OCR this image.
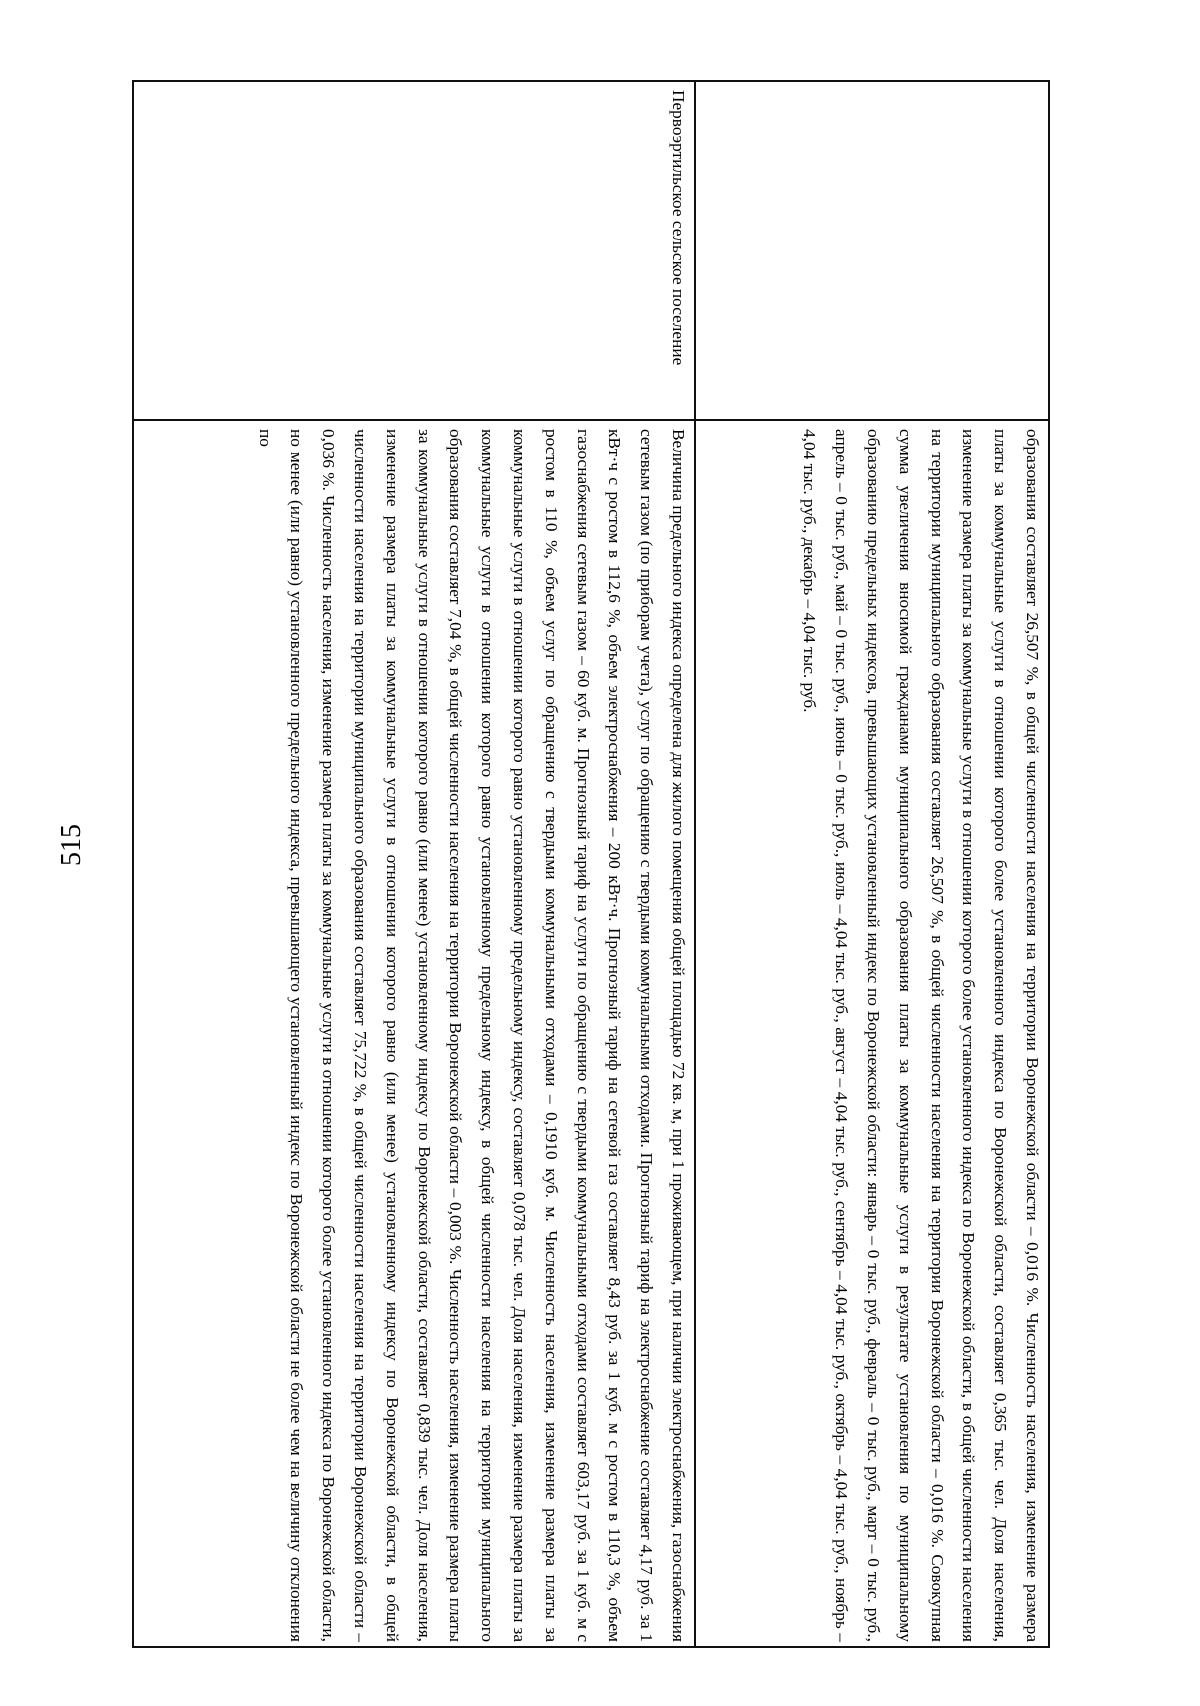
515
		образования составляет 26,507 %, в общей численности населения на территории Воронежской области – 0,016 %. Численность населения, изменение размера платы за коммунальные услуги в отношении которого более установленного индекса по Воронежской области, составляет 0,365 тыс. чел. Доля населения, изменение размера платы за коммунальные услуги в отношении которого более установленного индекса по Воронежской области, в общей численности населения на территории муниципального образования составляет 26,507 %, в общей численности населения на территории Воронежской области – 0,016 %. Совокупная сумма увеличения вносимой гражданами муниципального образования платы за коммунальные услуги в результате установления по муниципальному образованию предельных индексов, превышающих установленный индекс по Воронежской области: январь – 0 тыс. руб., февраль – 0 тыс. руб., март – 0 тыс. руб., апрель – 0 тыс. руб., май – 0 тыс. руб., июнь – 0 тыс. руб., июль – 4,04 тыс. руб., август – 4,04 тыс. руб., сентябрь – 4,04 тыс. руб., октябрь – 4,04 тыс. руб., ноябрь – 4,04 тыс. руб., декабрь – 4,04 тыс. руб.
Первоэртильское сельское поселение	Величина предельного индекса определена для жилого помещения общей площадью 72 кв. м, при 1 проживающем, при наличии электроснабжения, газоснабжения сетевым газом (по приборам учета), услуг по обращению с твердыми коммунальными отходами. Прогнозный тариф на электроснабжение составляет 4,17 руб. за 1 кВт·ч с ростом в 112,6 %, объем электроснабжения – 200 кВт·ч. Прогнозный тариф на сетевой газ составляет 8,43 руб. за 1 куб. м с ростом в 110,3 %, объем газоснабжения сетевым газом – 60 куб. м. Прогнозный тариф на услуги по обращению с твердыми коммунальными отходами составляет 603,17 руб. за 1 куб. м с ростом в 110 %, объем услуг по обращению с твердыми коммунальными отходами – 0,1910 куб. м. Численность населения, изменение размера платы за коммунальные услуги в отношении которого равно установленному предельному индексу, составляет 0,078 тыс. чел. Доля населения, изменение размера платы за коммунальные услуги в отношении которого равно установленному предельному индексу, в общей численности населения на территории муниципального образования составляет 7,04 %, в общей численности населения на территории Воронежской области – 0,003 %. Численность населения, изменение размера платы за коммунальные услуги в отношении которого равно (или менее) установленному индексу по Воронежской области, составляет 0,839 тыс. чел. Доля населения, изменение размера платы за коммунальные услуги в отношении которого равно (или менее) установленному индексу по Воронежской области, в общей численности населения на территории муниципального образования составляет 75,722 %, в общей численности населения на территории Воронежской области – 0,036 %. Численность населения, изменение размера платы за коммунальные услуги в отношении которого более установленного индекса по Воронежской области, но менее (или равно) установленного предельного индекса, превышающего установленный индекс по Воронежской области не более чем на величину отклонения по
